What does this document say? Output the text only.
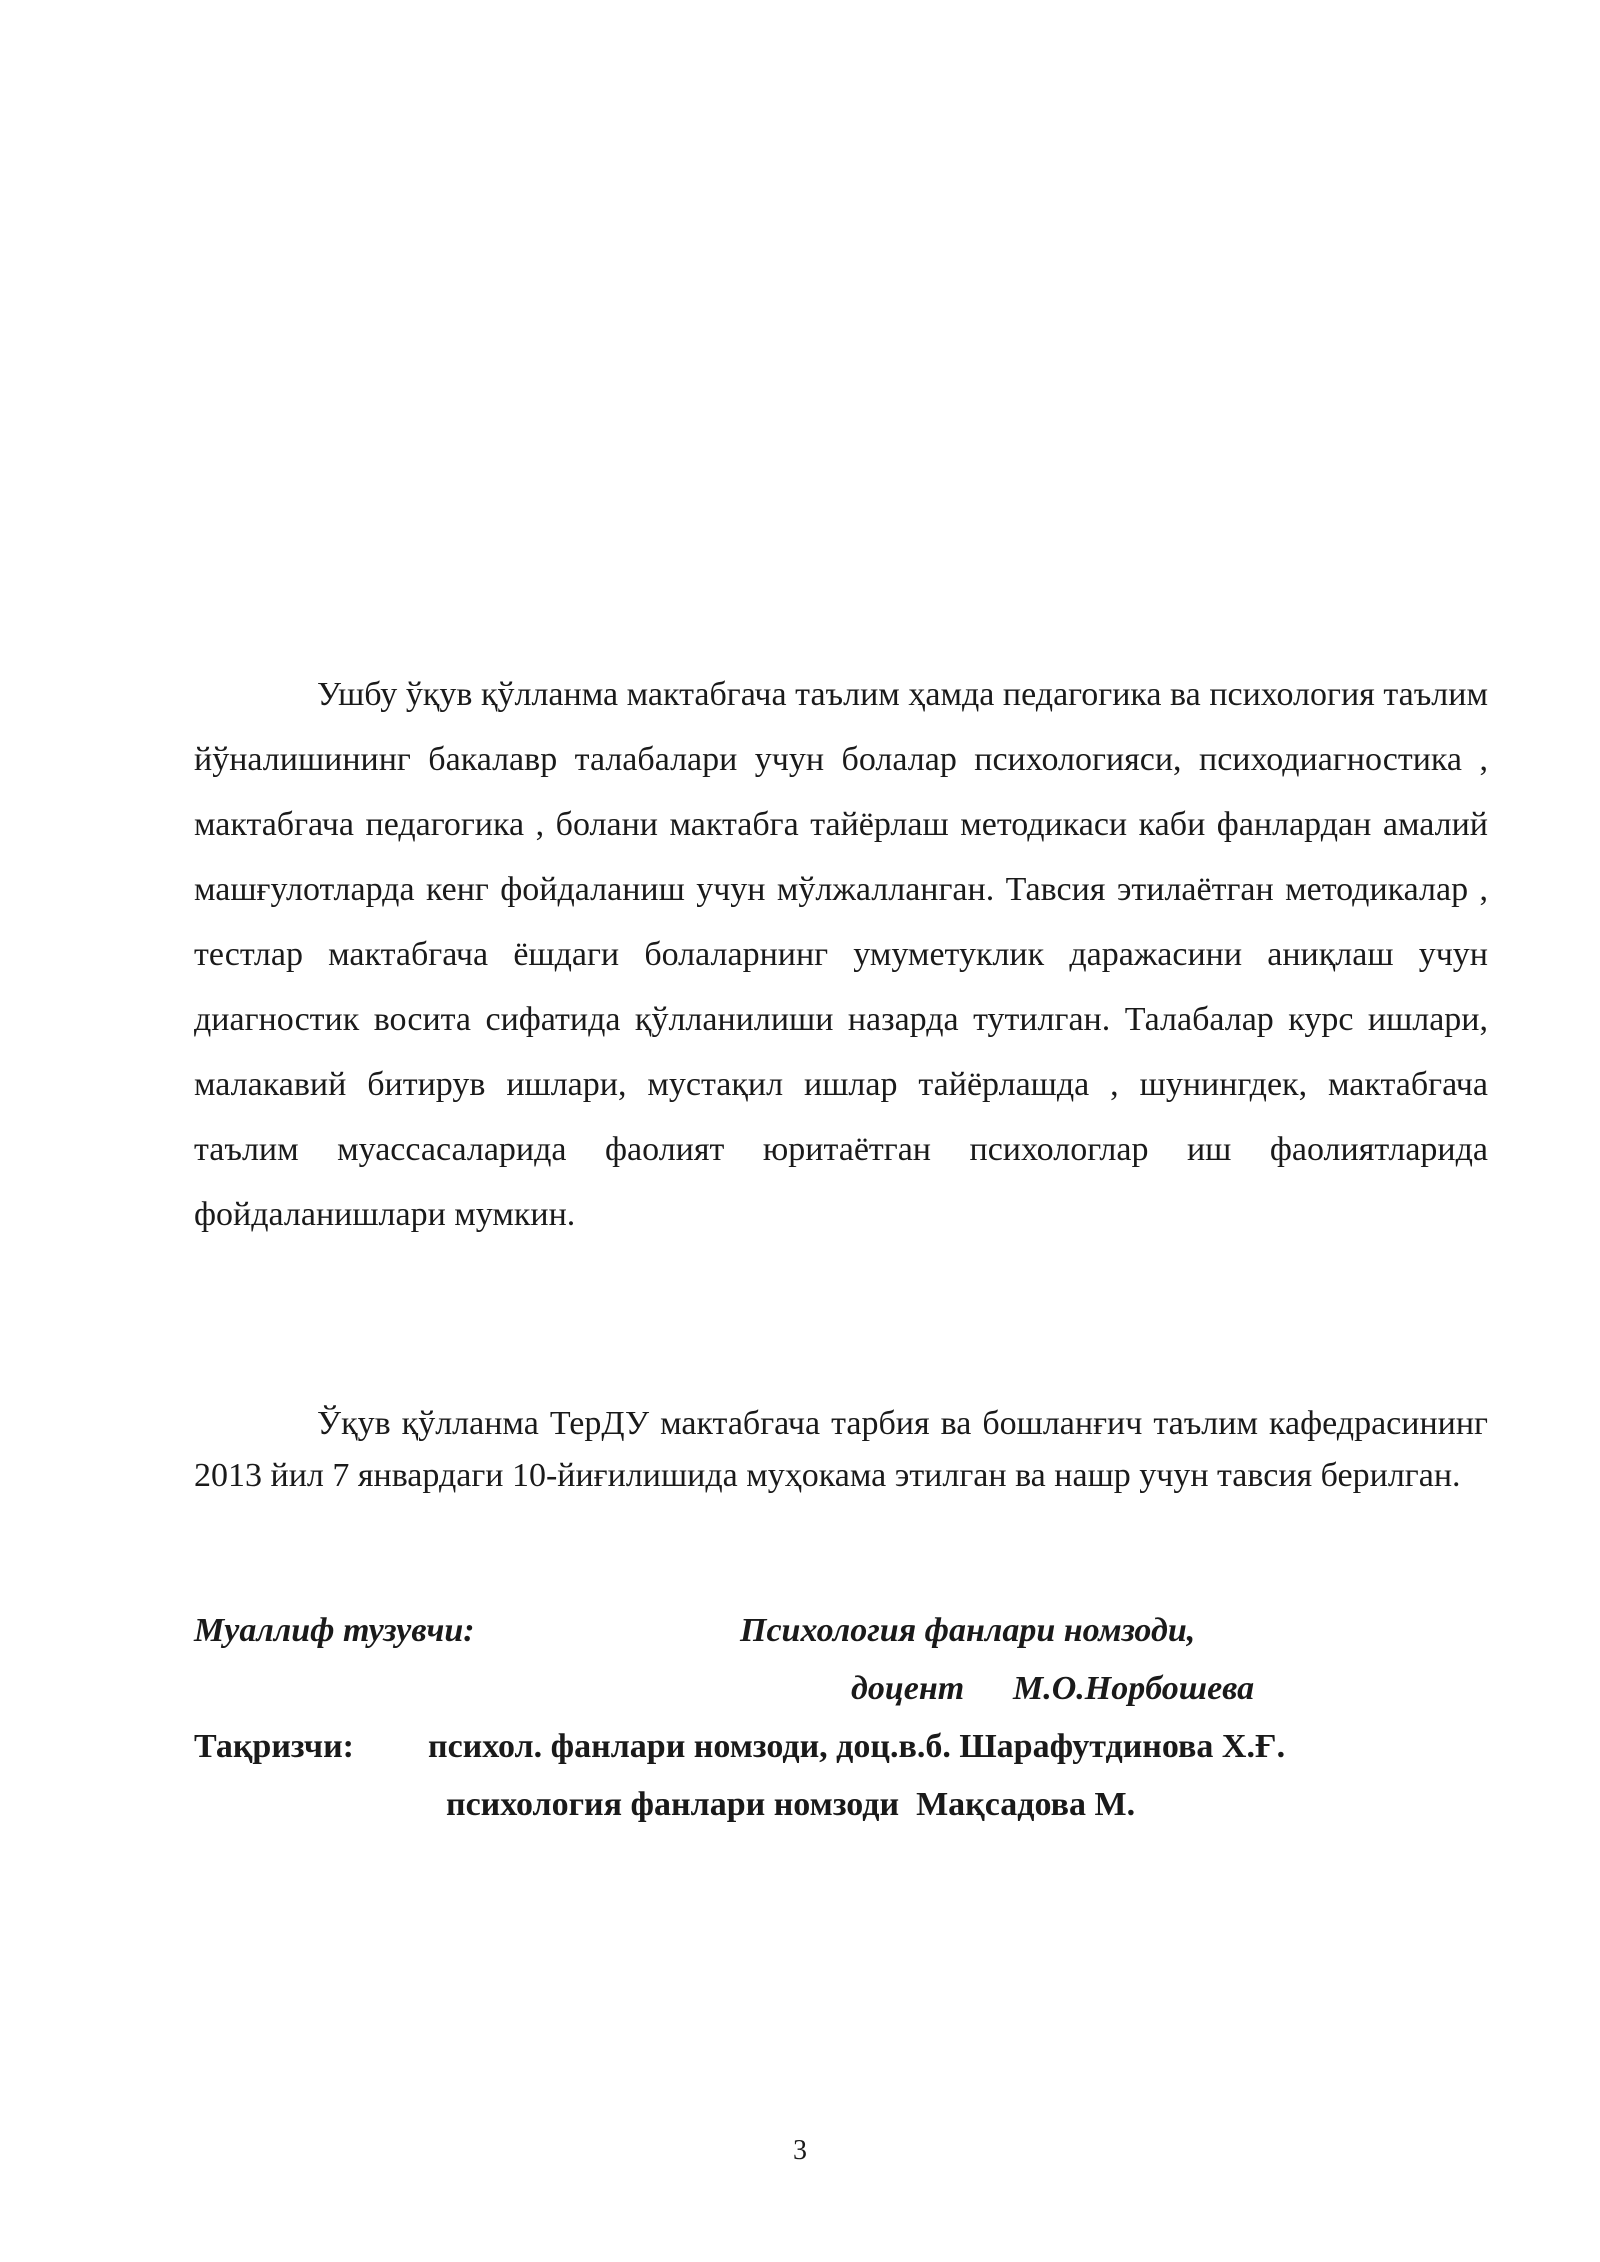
Ушбу ўқув қўлланма мактабгача таълим ҳамда педагогика ва психология таълим йўналишининг бакалавр талабалари учун болалар психологияси, психодиагностика , мактабгача педагогика , болани мактабга тайёрлаш методикаси каби фанлардан амалий машғулотларда кенг фойдаланиш учун мўлжалланган. Тавсия этилаётган методикалар , тестлар мактабгача ёшдаги болаларнинг умуметуклик даражасини аниқлаш учун диагностик восита сифатида қўлланилиши назарда тутилган. Талабалар курс ишлари, малакавий битирув ишлари, мустақил ишлар тайёрлашда , шунингдек, мактабгача таълим муассасаларида фаолият юритаётган психологлар иш фаолиятларида фойдаланишлари мумкин.

Ўқув қўлланма ТерДУ мактабгача тарбия ва бошланғич таълим кафедрасининг 2013 йил 7 январдаги 10-йиғилишида муҳокама этилган ва нашр учун тавсия берилган.

Муаллиф тузувчи:	Психология фанлари номзоди,

доцент М.О.Норбошева

Тақризчи: психол. фанлари номзоди, доц.в.б. Шарафутдинова Х.Ғ.

психология фанлари номзоди  Мақсадова М.

3
